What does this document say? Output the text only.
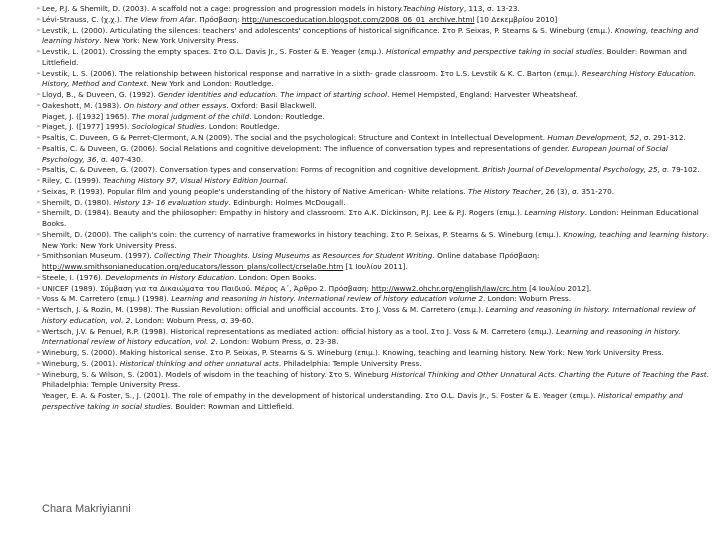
➢ Lee, P.J. & Shemilt, D. (2003). A scaffold not a cage: progression and progression models in history.Teaching History, 113, σ. 13-23.

➢ Lévi-Strauss, C. (χ.χ.). The View from Afar. Πρόσβαση: http://unescoeducation.blogspot.com/2008_06_01_archive.html [10 Δεκεμβρίου 2010]

➢ Levstik, L. (2000). Articulating the silences: teachers' and adolescents' conceptions of historical significance. Στο P. Seixas, P. Stearns & S. Wineburg (επιμ.). Knowing, teaching and learning history. New York: New York University Press.

➢ Levstik, L. (2001). Crossing the empty spaces. Στο O.L. Davis Jr., S. Foster & E. Yeager (επιμ.). Historical empathy and perspective taking in social studies. Boulder: Rowman and Littlefield.

➢ Levstik, L. S. (2006). The relationship between historical response and narrative in a sixth- grade classroom. Στο L.S. Levstik & K. C. Barton (επιμ.). Researching History Education. History, Method and Context. New York and London: Routledge.

➢ Lloyd, B., & Duveen, G. (1992). Gender identities and education. The impact of starting school. Hemel Hempsted, England: Harvester Wheatsheaf.

➢ Oakeshott, M. (1983). On history and other essays. Oxford: Basil Blackwell.

Piaget, J. ([1932] 1965). The moral judgment of the child. London: Routledge.

➢ Piaget, J. ([1977] 1995). Sociological Studies. London: Routledge.

➢ Psaltis, C. Duveen, G & Perret-Clermont, A.N (2009). The social and the psychological: Structure and Context in Intellectual Development. Human Development, 52, σ. 291-312.

➢ Psaltis, C. & Duveen, G. (2006). Social Relations and cognitive development: The influence of conversation types and representations of gender. European Journal of Social Psychology, 36, σ. 407-430.

➢ Psaltis, C. & Duveen, G. (2007). Conversation types and conservation: Forms of recognition and cognitive development. British Journal of Developmental Psychology, 25, σ. 79-102.

➢ Riley, C. (1999). Teaching History 97, Visual History Edition Journal.

➢ Seixas, P. (1993). Popular film and young people's understanding of the history of Native American- White relations. The History Teacher, 26 (3), σ. 351-270.

➢ Shemilt, D. (1980). History 13- 16 evaluation study. Edinburgh: Holmes McDougall.

➢ Shemilt, D. (1984). Beauty and the philosopher: Empathy in history and classroom. Στο A.K. Dickinson, P.J. Lee & P.J. Rogers (επιμ.). Learning History. London: Heinman Educational Books.

➢ Shemilt, D. (2000). The caliph's coin: the currency of narrative frameworks in history teaching. Στο P. Seixas, P. Stearns & S. Wineburg (επιμ.). Knowing, teaching and learning history. New York: New York University Press.

➢ Smithsonian Museum. (1997). Collecting Their Thoughts. Using Museums as Resources for Student Writing. Online database Πρόσβαση: http://www.smithsonianeducation.org/educators/lesson_plans/collect/crsela0e.htm [1 Ιουλίου 2011].

➢ Steele, I. (1976). Developments in History Education. London: Open Books.

➢ UNICEF (1989). Σύμβαση για τα Δικαιώματα του Παιδιού. Μέρος Α΄, Άρθρο 2. Πρόσβαση: http://www2.ohchr.org/english/law/crc.htm [4 Ιουλίου 2012].

➢ Voss & M. Carretero (επιμ.) (1998). Learning and reasoning in history. International review of history education volume 2. London: Woburn Press.

➢ Wertsch, J. & Rozin, M. (1998). The Russian Revolution: official and unofficial accounts. Στο J. Voss & M. Carretero (επιμ.). Learning and reasoning in history. International review of history education, vol. 2. London: Woburn Press, σ. 39-60.

➢ Wertsch, J.V. & Penuel, R.P. (1998). Historical representations as mediated action: official history as a tool. Στο J. Voss & M. Carretero (επιμ.). Learning and reasoning in history. International review of history education, vol. 2. London: Woburn Press, σ. 23-38.

➢ Wineburg, S. (2000). Making historical sense. Στο P. Seixas, P. Stearns & S. Wineburg (επιμ.). Knowing, teaching and learning history. New York: New York University Press.

➢ Wineburg, S. (2001). Historical thinking and other unnatural acts. Philadelphia: Temple University Press.

➢ Wineburg, S. & Wilson, S. (2001). Models of wisdom in the teaching of history. Στο S. Wineburg Historical Thinking and Other Unnatural Acts. Charting the Future of Teaching the Past. Philadelphia: Temple University Press.

Yeager, E. A. & Foster, S., J. (2001). The role of empathy in the development of historical understanding. Στο O.L. Davis Jr., S. Foster & E. Yeager (επιμ.). Historical empathy and perspective taking in social studies. Boulder: Rowman and Littlefield.

Chara Makriyianni
